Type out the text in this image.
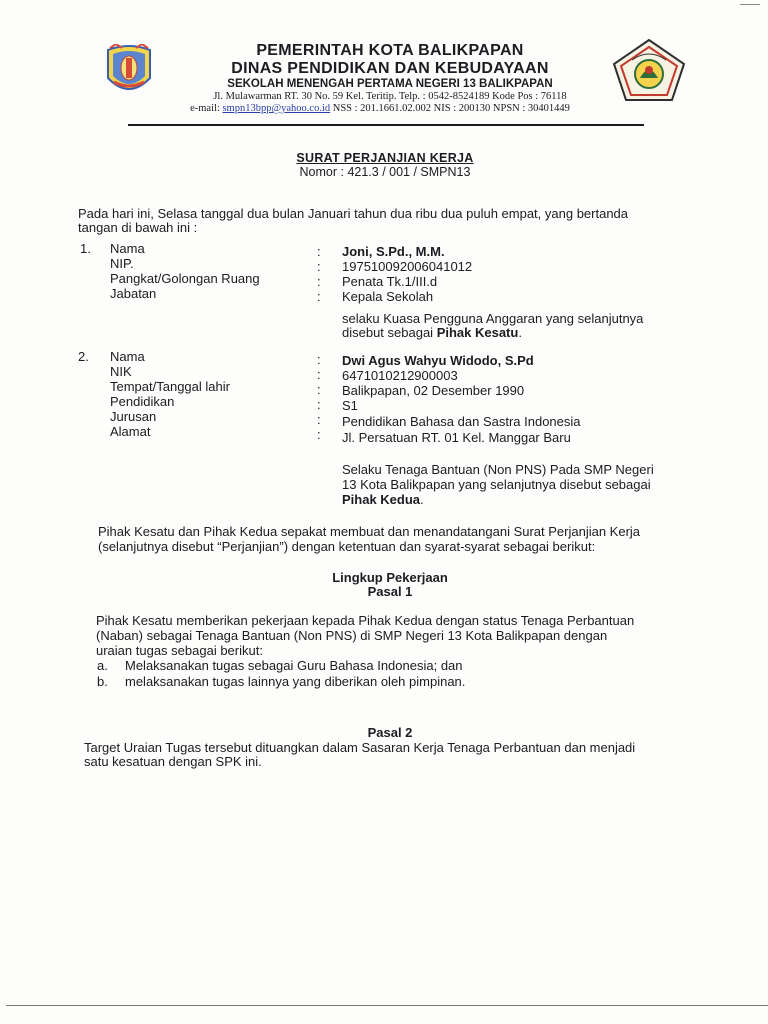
PEMERINTAH KOTA BALIKPAPAN
DINAS PENDIDIKAN DAN KEBUDAYAAN
SEKOLAH MENENGAH PERTAMA NEGERI 13 BALIKPAPAN
Jl. Mulawarman RT. 30 No. 59 Kel. Teritip. Telp. : 0542-8524189 Kode Pos : 76118
e-mail: smpn13bpp@yahoo.co.id NSS : 201.1661.02.002 NIS : 200130 NPSN : 30401449
SURAT PERJANJIAN KERJA
Nomor : 421.3 / 001 / SMPN13
Pada hari ini, Selasa tanggal dua bulan Januari tahun dua ribu dua puluh empat, yang bertanda
tangan di bawah ini :
1. Nama
NIP.
Pangkat/Golongan Ruang
Jabatan
:
:
:
:
Joni, S.Pd., M.M.
197510092006041012
Penata Tk.1/III.d
Kepala Sekolah
selaku Kuasa Pengguna Anggaran yang selanjutnya
disebut sebagai Pihak Kesatu.
2. Nama
NIK
Tempat/Tanggal lahir
Pendidikan
Jurusan
Alamat
:
:
:
:
:
:
Dwi Agus Wahyu Widodo, S.Pd
6471010212900003
Balikpapan, 02 Desember 1990
S1
Pendidikan Bahasa dan Sastra Indonesia
Jl. Persatuan RT. 01 Kel. Manggar Baru
Selaku Tenaga Bantuan (Non PNS) Pada SMP Negeri
13 Kota Balikpapan yang selanjutnya disebut sebagai
Pihak Kedua.
Pihak Kesatu dan Pihak Kedua sepakat membuat dan menandatangani Surat Perjanjian Kerja
(selanjutnya disebut “Perjanjian”) dengan ketentuan dan syarat-syarat sebagai berikut:
Lingkup Pekerjaan
Pasal 1
Pihak Kesatu memberikan pekerjaan kepada Pihak Kedua dengan status Tenaga Perbantuan
(Naban) sebagai Tenaga Bantuan (Non PNS) di SMP Negeri 13 Kota Balikpapan dengan
uraian tugas sebagai berikut:
a. Melaksanakan tugas sebagai Guru Bahasa Indonesia; dan
b. melaksanakan tugas lainnya yang diberikan oleh pimpinan.
Pasal 2
Target Uraian Tugas tersebut dituangkan dalam Sasaran Kerja Tenaga Perbantuan dan menjadi
satu kesatuan dengan SPK ini.
